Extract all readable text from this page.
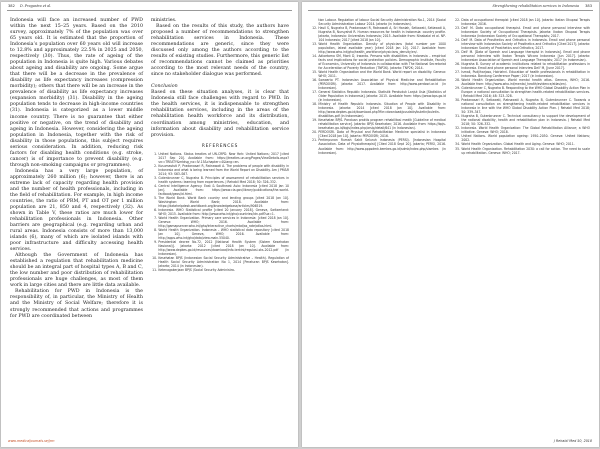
382 D. Pragastra et al.

Indonesia will face an increased number of PWD within the next 15–25 years. Based on the 2010 survey, approximately 7% of the population was over 65 years old. It is estimated that the proportion of Indonesia’s population over 60 years old will increase to 12.8% and approximately 22.5% in 2025 and 2050, respectively (30). Thus, the rate of ageing of the population in Indonesia is quite high. Various debates about ageing and disability are ongoing. Some argue that there will be a decrease in the prevalence of disability as life expectancy increases (compression morbidity); others that there will be an increase in the prevalence of disability as life expectancy increases (expansion morbidity) (31). Disability in the ageing population tends to decrease in high-income countries (31). Indonesia is categorized as a lower middle income country. There is no guarantee that either positive or negative, on the trend of disability and ageing in Indonesia. However, considering the ageing population in Indonesia, together with the risk of disability in those populations, this subject requires serious consideration. In addition, reducing risk factors for disabling health conditions (e.g. stroke, cancer) is of importance to prevent disability (e.g. through non-smoking campaigns or programmes).

Indonesia has a very large population, of approximately 260 million (6); however, there is an extreme lack of capacity regarding health provision and the number of health professionals, including in the field of rehabilitation. For example, in high income countries, the ratio of PRM, PT and OT per 1 million population are 21, 850 and 4, respectively (32). As shown in Table V, these ratios are much lower for rehabilitation professionals in Indonesia. Other barriers are geographical (e.g. regarding urban and rural areas. Indonesia consists of more than 13,000 islands (6), many of which are isolated islands with poor infrastructure and difficulty accessing health services.

Although the Government of Indonesia has established a regulation that rehabilitation medicine should be an integral part of hospital types A, B and C, the low number and poor distribution of rehabilitation professionals are huge challenges, as most of them work in large cities and there are little data available.

Rehabilitation for PWD in Indonesia is the responsibility of, in particular, the Ministry of Health and the Ministry of Social Welfare; therefore it is strongly recommended that actions and programmes for PWD are coordinated between

ministries.

Based on the results of this study, the authors have proposed a number of recommendations to strengthen rehabilitation services in Indonesia. These recommendations are generic, since they were discussed only among the authors according to the results of existing studies. Furthermore, this generic list of recommendations cannot be claimed as priorities according to the most relevant needs of the country, since no stakeholder dialogue was performed.

Conclusion

Based on these situation analyses, it is clear that Indonesia still face challenges with regard to PWD. In the health services, it is indispensable to strengthen rehabilitation services, including in the areas of the rehabilitation health workforce and its distribution, coordination among ministries, education, and information about disability and rehabilitation service provision.

REFERENCES
1. United Nations. Status treaties of UN-CRPD. New York: United Nations; 2017 [cited 2017 Sep 20]. Available from: https://treaties.un.org/Pages/ViewDetails.aspx?src=TREATY&mtdsg_no=IV-15&chapter=4&lang=en.
2. Kusumastuti P, Pradanasari R, Ratnawati A. The problems of people with disability in Indonesia and what is being learned from the World Report on Disability. Am J PM&R 2014; 93: S63–S67.
3. Gutenbrunner C, Nugraha B. Principles of assessment of rehabilitation services in health systems: learning from experiences. J Rehabil Med 2018; 50: 326–332.
4. Central Intelligence Agency. East & Southeast Asia: Indonesia [cited 2018 Jan 10 Jan]. Available from: https://www.cia.gov/library/publications/the-world-factbook/geos/id.html.
5. The World Bank. World Bank country and lending groups [cited 2018 Jan 10]. Washington: World Bank; 2018. Available from: https://datahelpdesk.worldbank.org/knowledgebase/articles/906519.
6. Indonesia. WHO Statistical profile [cited 20 January 2018]. Geneva, Switzerland: WHO; 2015. Available from: http://www.who.int/gho/countries/idn.pdf?ua=1.
7. World Health Organization. Primary care services in Indonesia: [cited 2018 Jan 10]. Geneva: WHO; 2016. Available from: http://gamapserver.who.int/gho/interactive_charts/mbd/as_rate/atlas.html.
8. World Health Organization. Indonesia – WHO statistical data repository [cited 2018 Jan 10]. Geneva, WHO; 2016. Available from: http://apps.who.int/gho/data/view.main.55040.
9. Presidential decree No.72, 2012 [National Health System (Sistem Kesehatan Nasional)]. Jakarta: 2012 [cited 2018 Jan 10]. Available from: http://www.depkes.go.id/resources/download/info-terkini/regulasi-sks-2012.pdf (in Indonesian).
10. Kesehatan BPJS (Indonesian Social Security Administrative – Health). Regulation of Health Social Security Administration No 1, 2014 [Peraturan BPJS Kesehatan]. Jakarta; 2014 (in Indonesian).
11. Ketenagakerjaan BPJS (Social Security Administra-
www.medicaljournals.se/jrm
Strengthening rehabilitation services in Indonesia 383
tion Labour. Regulation of labour Social Security Administration No.1, 2014 [Social Security Administration Labour 2014. Jakarta (in Indonesian).
12. Hasil S, Nugraha B, Pradanasari R, Ratnawati A, Sri Haniah, Setiawati, Setiawati A, Nugraha B, Nursyahdi R. Human resources for health in Indonesia: country profile. Jakarta, Indonesia: Universitas Indonesia; 2015. Available from: Ninabalai et al. NP-104 Indonesia; 2017 [cited 2018 Jan 10].
13. World Health Organization. Density of physicians (total number per 1000 population, latest available year) [cited 2018 Jan 10]. 2017. Available from: http://www.who.int/gho/health_workforce/physicians_density/en/.
14. Adioetomo SM, Mont D, Irwanto. Persons with disabilities in Indonesia – empirical facts and implications for social protection policies. Demographic Institute, Faculty of Economics, University of Indonesia in collaboration with The National Secretariat for Acceleration of Poverty Reduction (TNP2K). Jakarta: TNP2K; 2014.
15. World Health Organization and the World Bank. World report on disability. Geneva: WHO; 2011.
16. Soewarto PT. Indonesian Association of Physical Medicine and Rehabilitation (PERDOSRI). Jakarta: 2017. Available from: http://www.perdosri.or.id (in Indonesian).
17. General Statistics Republic Indonesia. Statistik Penduduk Lanjut Usia [Statistics of Older Population in Indonesia]. Jakarta: 2015. Available from: https://www.bps.go.id (in Indonesian).
18. Ministry of Health Republic Indonesia. Situation of People with Disability in Indonesia. Jakarta: 2014 [cited 2018 Jan 10]. Available from: http://www.depkes.go.id/download.php?file=download/pusdatin/buletin/buletin-disabilitas.pdf (in Indonesian).
19. Kesehatan BPJS. Panduan praktis program rehabilitasi medik [Guideline of medical rehabilitation service]. Jakarta: BPJS Kesehatan; 2016. Available from: https://bpjs-kesehatan.go.id/bpjs/index.php/arsip/detail/641 (in Indonesian).
20. PERDOSRI. Data of Physical and Rehabilitation Medicine specialist in Indonesia [Cited 2018 Jan 10]. Jakarta: PERDOSRI; 2016.
21. Pertimpunan Rumah Sakit Seluruh Indonesia (PERSI). [Indonesian Hospital Association. Data of Physiotherapist] [Cited 2018 Sept 20]. Jakarta; PERSI, 2016. Available from: http://www.pppsdmk.kemkes.go.id/sdmk/index.php/sismkes (in Indonesian).
22. Data of occupational therapist [cited 2018 Jan 10]. Jakarta: Ikatan Okupasi Terapis Indonesia; 2016.
23. Dell' M. Data occupational therapist. Email and phone personal interview with Indonesian Society of Occupational Therapists. Jakarta: Ikatan Okupasi Terapis Indonesia (Indonesian Society of Occupational Therapists; 2017.
24. Dell' M. Data of Prosthetics and Orthotics in Indonesia. Email and phone personal interview with Indonesian Society of Prosthetics and Orthotics [Cited 2017]. Jakarta: Indonesian Society of Prosthetics and Orthotics; 2017.
25. Dell' M. [Data of Speech and Language therapist in Indonesia]. Email and phone personal interview with Ikatan Terapis Wicara Indonesia [Jun 2017]. Jakarta: Indonesian Association of Speech and Language Therapists; 2017 (in Indonesian).
26. Nugraha B. Survey of academic institutions related to rehabilitation professions in Indonesia. Email and phone personal interview Dell' M, [June 2017].
27. Ismail, Pudjiharjoso, Hoiriahni. Education of health professionals in rehabilitation in Indonesia. Bandung Conference Paper; 2017 (in Indonesian).
28. World Health Organization. World mental health atlas. Geneva, WHO; 2016. Available from: http://www.who.int/mental_health/evidence/atlas/en/.
29. Gutenbrunner C, Nugraha B. Responding to the WHO Global Disability Action Plan in Europe: a national consultation to strengthen health-related rehabilitation services. J Rehabil Med 2016; 48: 323–328.
30. Pradanasari R, Setiawati, Ratnawati A, Nugraha B, Gutenbrunner C. Towards a national consultation on strengthening health-related rehabilitation services in Indonesia in line with the WHO Global Disability Action Plan. J Rehabil Med 2018; 50: 339–347.
31. Nugraha B, Gutenbrunner C. Technical consultancy to support the development of the national disability, health and rehabilitation plan in Indonesia. J Rehabil Med 2018; 50: 326–332.
32. Indonesia. World Health Organization: The Global Rehabilitation Alliance; a WHO initiative. Geneva: WHO; 2018.
33. United Nations. World population ageing: 1950–2050. Geneva: United Nations; 2002.
34. World Health Organization. Global Health and Aging. Geneva: WHO; 2011.
35. World Health Organization. Rehabilitation 2030: a call for action. The need to scale up rehabilitation. Geneva: WHO; 2017.
J Rehabil Med 50, 2018
